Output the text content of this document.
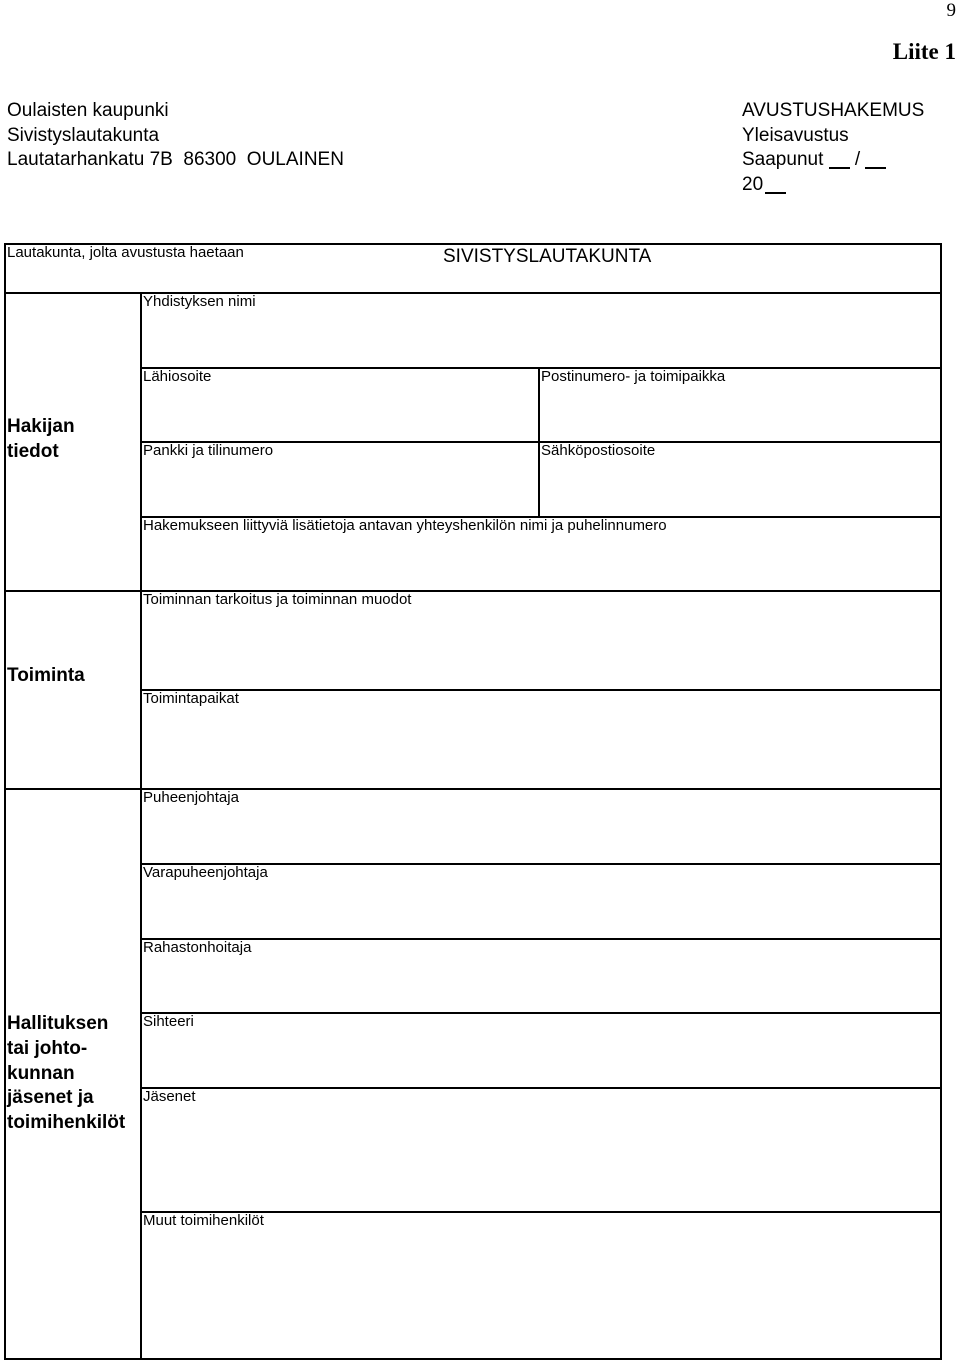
9
Liite 1
Oulaisten kaupunki
Sivistyslautakunta
Lautatarhankatu 7B  86300  OULAINEN
AVUSTUSHAKEMUS
Yleisavustus
Saapunut /
20
Lautakunta, jolta avustusta haetaan	SIVISTYSLAUTAKUNTA
Hakijan
tiedot
Yhdistyksen nimi
Lähiosoite	Postinumero- ja toimipaikka
Pankki ja tilinumero	Sähköpostiosoite
Hakemukseen liittyviä lisätietoja antavan yhteyshenkilön nimi ja puhelinnumero
Toiminta
Toiminnan tarkoitus ja toiminnan muodot
Toimintapaikat
Hallituksen
tai johto-
kunnan
jäsenet ja
toimihenkilöt
Puheenjohtaja
Varapuheenjohtaja
Rahastonhoitaja
Sihteeri
Jäsenet
Muut toimihenkilöt
